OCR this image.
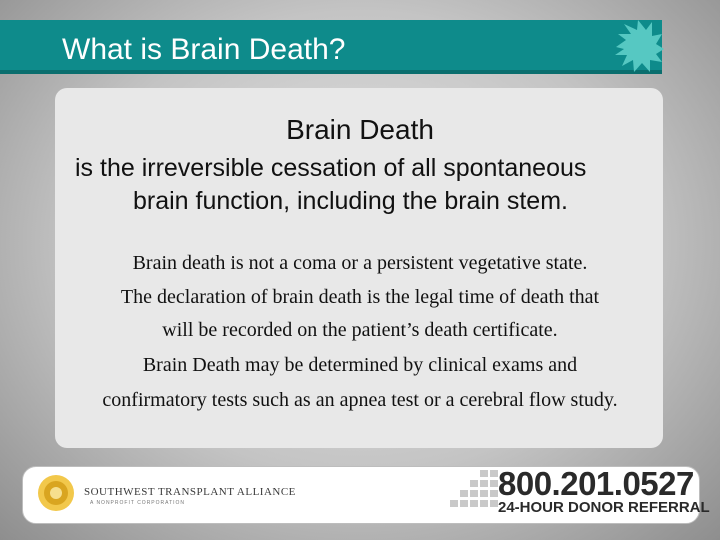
What is Brain Death?
Brain Death
is the irreversible cessation of all spontaneous
brain function, including the brain stem.
Brain death is not a coma or a persistent vegetative state.
The declaration of brain death is the legal time of death that
will be recorded on the patient’s death certificate.
Brain Death may be determined by clinical exams and
confirmatory tests such as an apnea test or a cerebral flow study.
SOUTHWEST TRANSPLANT ALLIANCE
A NONPROFIT CORPORATION
800.201.0527
24-HOUR DONOR REFERRAL
